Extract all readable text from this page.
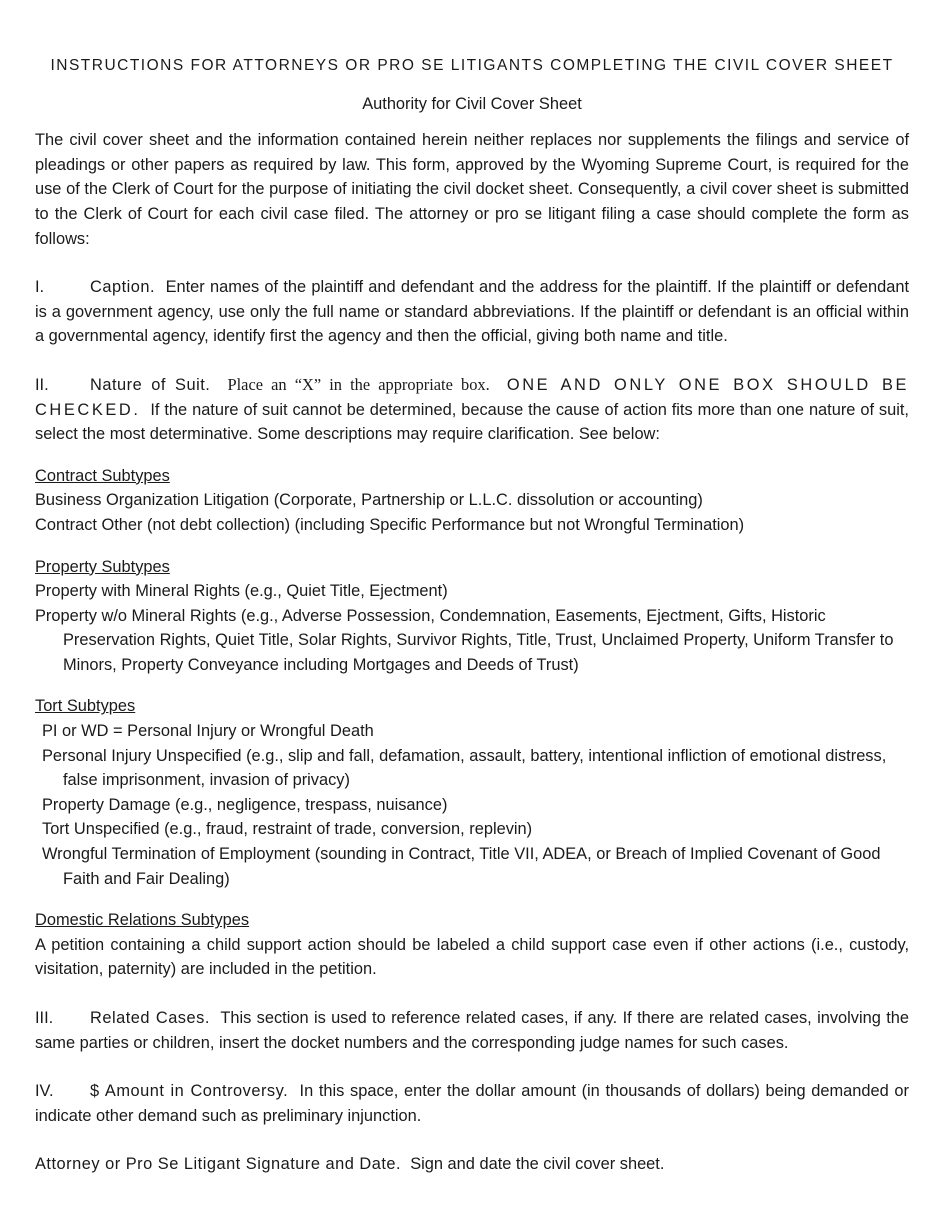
INSTRUCTIONS FOR ATTORNEYS OR PRO SE LITIGANTS COMPLETING THE CIVIL COVER SHEET
Authority for Civil Cover Sheet

The civil cover sheet and the information contained herein neither replaces nor supplements the filings and service of pleadings or other papers as required by law. This form, approved by the Wyoming Supreme Court, is required for the use of the Clerk of Court for the purpose of initiating the civil docket sheet. Consequently, a civil cover sheet is submitted to the Clerk of Court for each civil case filed. The attorney or pro se litigant filing a case should complete the form as follows:

I.	Caption. Enter names of the plaintiff and defendant and the address for the plaintiff. If the plaintiff or defendant is a government agency, use only the full name or standard abbreviations. If the plaintiff or defendant is an official within a governmental agency, identify first the agency and then the official, giving both name and title.

II.	Nature of Suit. Place an “X” in the appropriate box. ONE AND ONLY ONE BOX SHOULD BE CHECKED. If the nature of suit cannot be determined, because the cause of action fits more than one nature of suit, select the most determinative. Some descriptions may require clarification. See below:

Contract Subtypes
Business Organization Litigation (Corporate, Partnership or L.L.C. dissolution or accounting)
Contract Other (not debt collection) (including Specific Performance but not Wrongful Termination)
Property Subtypes
Property with Mineral Rights (e.g., Quiet Title, Ejectment)
Property w/o Mineral Rights (e.g., Adverse Possession, Condemnation, Easements, Ejectment, Gifts, Historic Preservation Rights, Quiet Title, Solar Rights, Survivor Rights, Title, Trust, Unclaimed Property, Uniform Transfer to Minors, Property Conveyance including Mortgages and Deeds of Trust)
Tort Subtypes
PI or WD = Personal Injury or Wrongful Death
Personal Injury Unspecified (e.g., slip and fall, defamation, assault, battery, intentional infliction of emotional distress, false imprisonment, invasion of privacy)
Property Damage (e.g., negligence, trespass, nuisance)
Tort Unspecified (e.g., fraud, restraint of trade, conversion, replevin)
Wrongful Termination of Employment (sounding in Contract, Title VII, ADEA, or Breach of Implied Covenant of Good Faith and Fair Dealing)
Domestic Relations Subtypes

A petition containing a child support action should be labeled a child support case even if other actions (i.e., custody, visitation, paternity) are included in the petition.

III. Related Cases. This section is used to reference related cases, if any. If there are related cases, involving the same parties or children, insert the docket numbers and the corresponding judge names for such cases.

IV. $ Amount in Controversy. In this space, enter the dollar amount (in thousands of dollars) being demanded or indicate other demand such as preliminary injunction.

Attorney or Pro Se Litigant Signature and Date. Sign and date the civil cover sheet.
